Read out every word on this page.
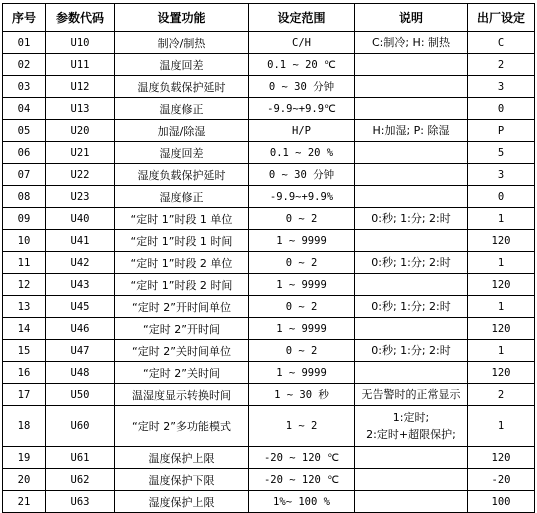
序号	参数代码	设置功能	设定范围	说明	出厂设定
01	U10	制冷/制热	C/H	C:制冷; H: 制热	C
02	U11	温度回差	0.1 ~ 20 ℃		2
03	U12	温度负载保护延时	0 ~ 30 分钟		3
04	U13	温度修正	-9.9~+9.9℃		0
05	U20	加湿/除湿	H/P	H:加湿; P: 除湿	P
06	U21	湿度回差	0.1 ~ 20 %		5
07	U22	湿度负载保护延时	0 ~ 30 分钟		3
08	U23	湿度修正	-9.9~+9.9%		0
09	U40	“定时 1”时段 1 单位	0 ~ 2	0:秒; 1:分; 2:时	1
10	U41	“定时 1”时段 1 时间	1 ~ 9999		120
11	U42	“定时 1”时段 2 单位	0 ~ 2	0:秒; 1:分; 2:时	1
12	U43	“定时 1”时段 2 时间	1 ~ 9999		120
13	U45	“定时 2”开时间单位	0 ~ 2	0:秒; 1:分; 2:时	1
14	U46	“定时 2”开时间	1 ~ 9999		120
15	U47	“定时 2”关时间单位	0 ~ 2	0:秒; 1:分; 2:时	1
16	U48	“定时 2”关时间	1 ~ 9999		120
17	U50	温湿度显示转换时间	1 ~ 30 秒	无告警时的正常显示	2
18	U60	“定时 2”多功能模式	1 ~ 2	1:定时;
2:定时+超限保护;	1
19	U61	温度保护上限	-20 ~ 120 ℃		120
20	U62	温度保护下限	-20 ~ 120 ℃		-20
21	U63	湿度保护上限	1%~ 100 %		100
